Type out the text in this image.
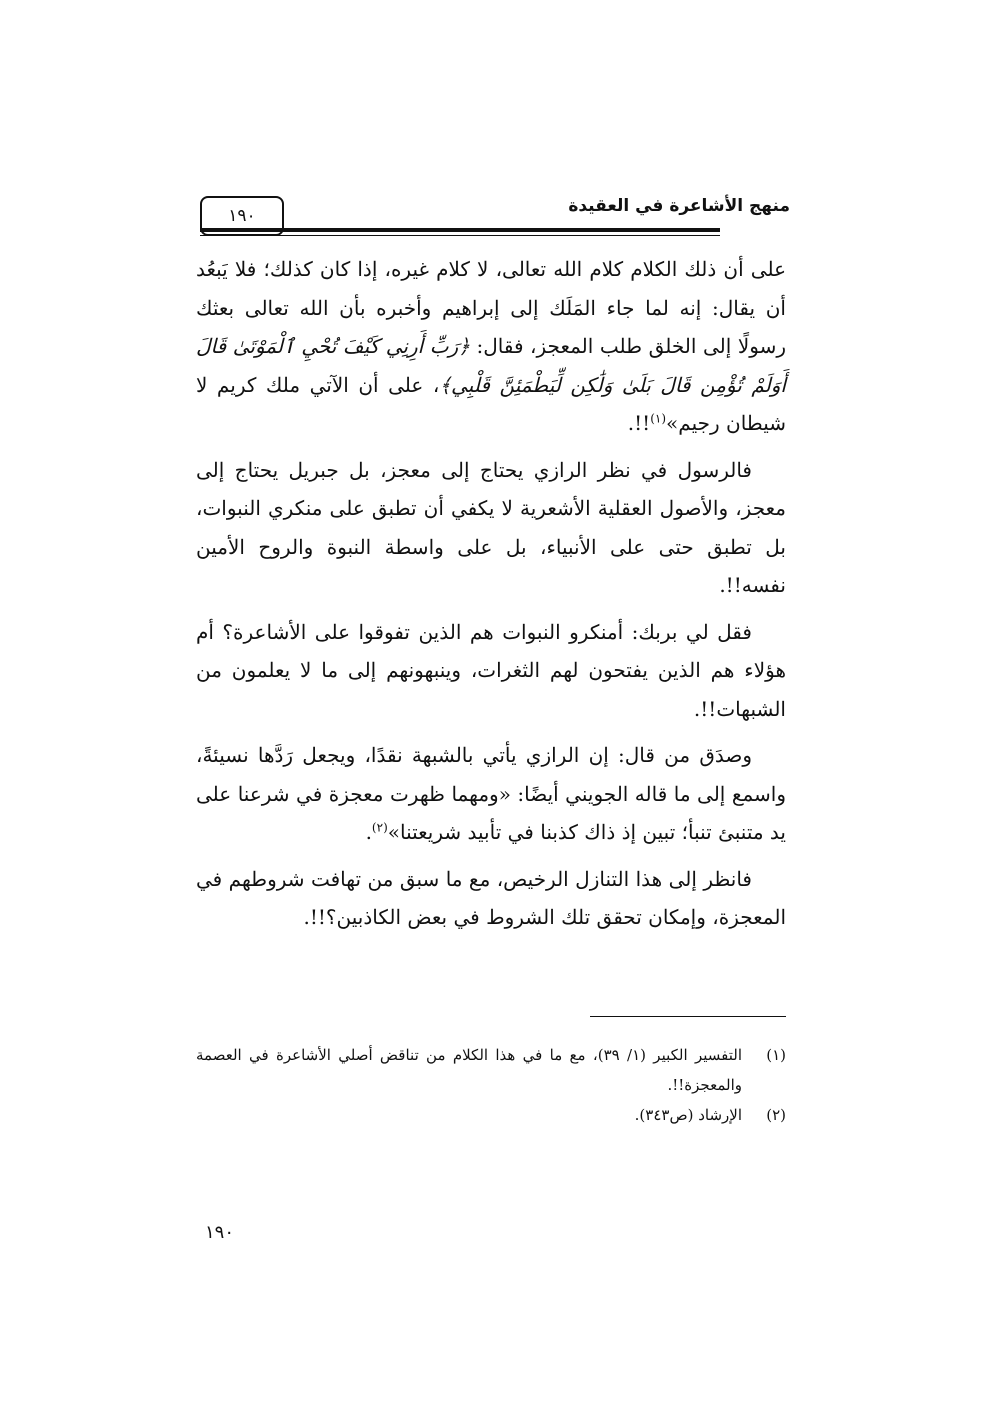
١٩٠	منهج الأشاعرة في العقيدة

على أن ذلك الكلام كلام الله تعالى، لا كلام غيره، إذا كان كذلك؛ فلا يَبعُد أن يقال: إنه لما جاء المَلَك إلى إبراهيم وأخبره بأن الله تعالى بعثك رسولًا إلى الخلق طلب المعجز، فقال: ﴿رَبِّ أَرِنِي كَيْفَ تُحْيِ ٱلْمَوْتَىٰ قَالَ أَوَلَمْ تُؤْمِن قَالَ بَلَىٰ وَلَٰكِن لِّيَطْمَئِنَّ قَلْبِي﴾، على أن الآتي ملك كريم لا شيطان رجيم»$^{(١)}$!!.

فالرسول في نظر الرازي يحتاج إلى معجز، بل جبريل يحتاج إلى معجز، والأصول العقلية الأشعرية لا يكفي أن تطبق على منكري النبوات، بل تطبق حتى على الأنبياء، بل على واسطة النبوة والروح الأمين نفسه!!.

فقل لي بربك: أمنكرو النبوات هم الذين تفوقوا على الأشاعرة؟ أم هؤلاء هم الذين يفتحون لهم الثغرات، وينبهونهم إلى ما لا يعلمون من الشبهات!!.

وصدَق من قال: إن الرازي يأتي بالشبهة نقدًا، ويجعل رَدَّها نسيئةً، واسمع إلى ما قاله الجويني أيضًا: «ومهما ظهرت معجزة في شرعنا على يد متنبئ تنبأ؛ تبين إذ ذاك كذبنا في تأبيد شريعتنا»$^{(٢)}$.

فانظر إلى هذا التنازل الرخيص، مع ما سبق من تهافت شروطهم في المعجزة، وإمكان تحقق تلك الشروط في بعض الكاذبين؟!!.

(١)
التفسير الكبير (١/ ٣٩)، مع ما في هذا الكلام من تناقض أصلي الأشاعرة في العصمة والمعجزة!!.
(٢)
الإرشاد (ص٣٤٣).
١٩٠
